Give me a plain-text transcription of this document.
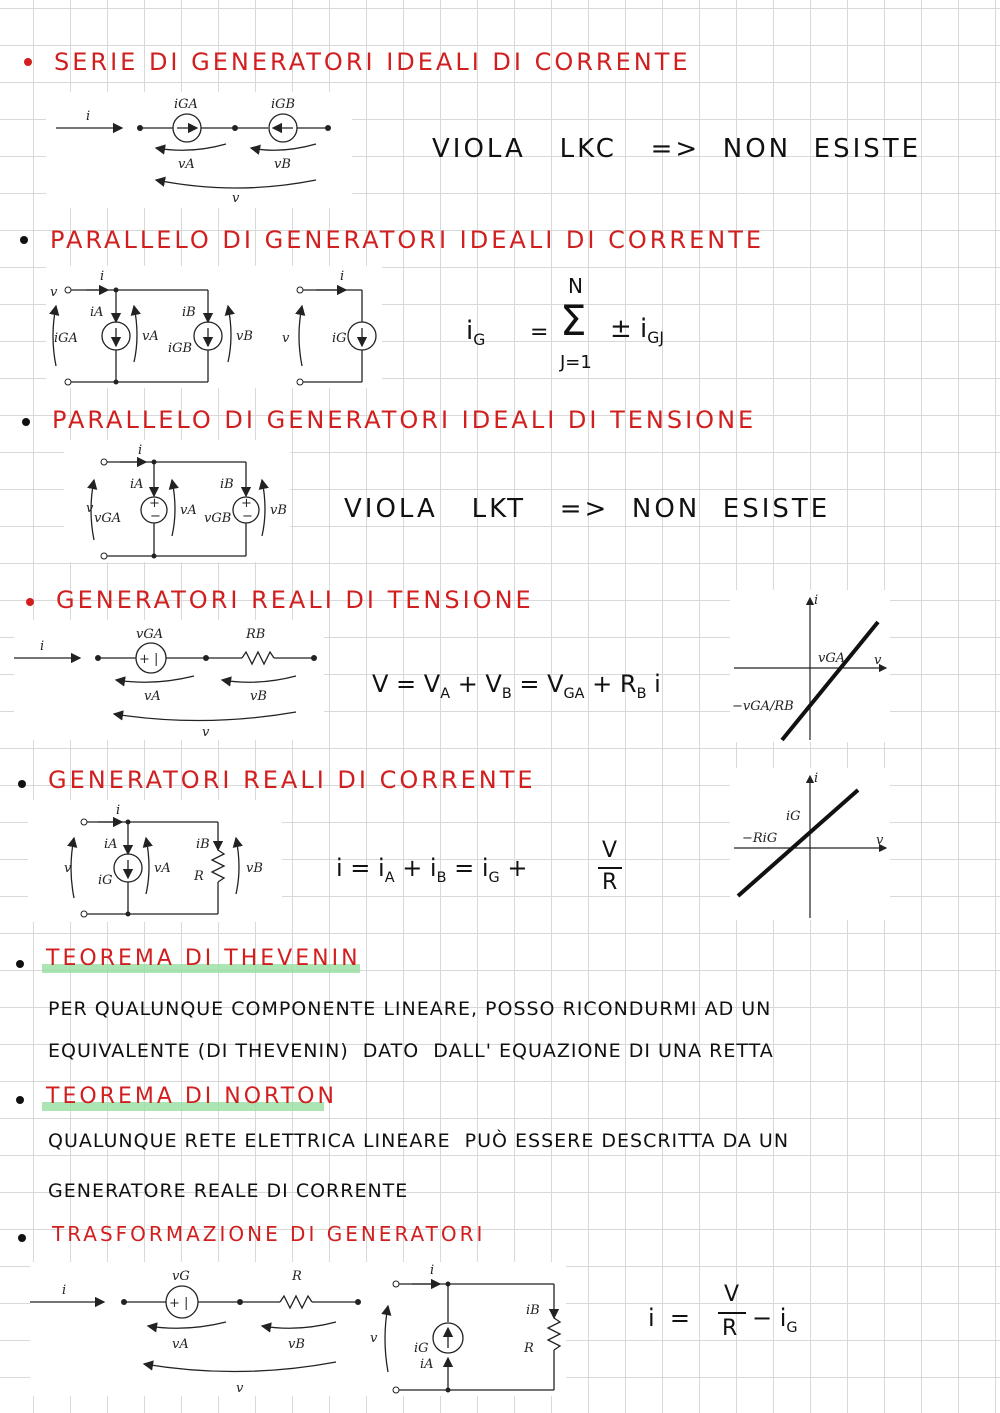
SERIE DI GENERATORI IDEALI DI CORRENTE
i
iGA	iGB
vA	vB
v
VIOLA   LKC   =>  NON  ESISTE
PARALLELO DI GENERATORI IDEALI DI CORRENTE
i
iA
iGA	vA
iB
iGB
vB
v
i
iG
v	$i_G$ =
N
Σ
J=1
± $i_{GJ}$
PARALLELO DI GENERATORI IDEALI DI TENSIONE
i
+
−
iA
vGA
vA	+
−
iB
vGB
vB
v	VIOLA   LKT   =>  NON  ESISTE
GENERATORI REALI DI TENSIONE
i
+ |
vGA	RB
vA	vB
v
$V = V_A + V_B = V_{GA} + R_B$ i
i
v
vGA
−vGA/RB
GENERATORI REALI DI CORRENTE
i
iA
iG
vA
iB
R
vB
v	$i = i_A + i_B = i_G$ +
V
R
i
v
iG
−RiG
TEOREMA DI THEVENIN
PER QUALUNQUE COMPONENTE LINEARE, POSSO RICONDURMI AD UN
EQUIVALENTE (DI THEVENIN)  DATO  DALL' EQUAZIONE DI UNA RETTA
TEOREMA DI NORTON
QUALUNQUE RETE ELETTRICA LINEARE  PUÒ ESSERE DESCRITTA DA UN
GENERATORE REALE DI CORRENTE
TRASFORMAZIONE DI GENERATORI
i
+ |
vG	R
vA	vB
v
i
iG
iA
iB
R
v
i  =
V
$R - i_G$
